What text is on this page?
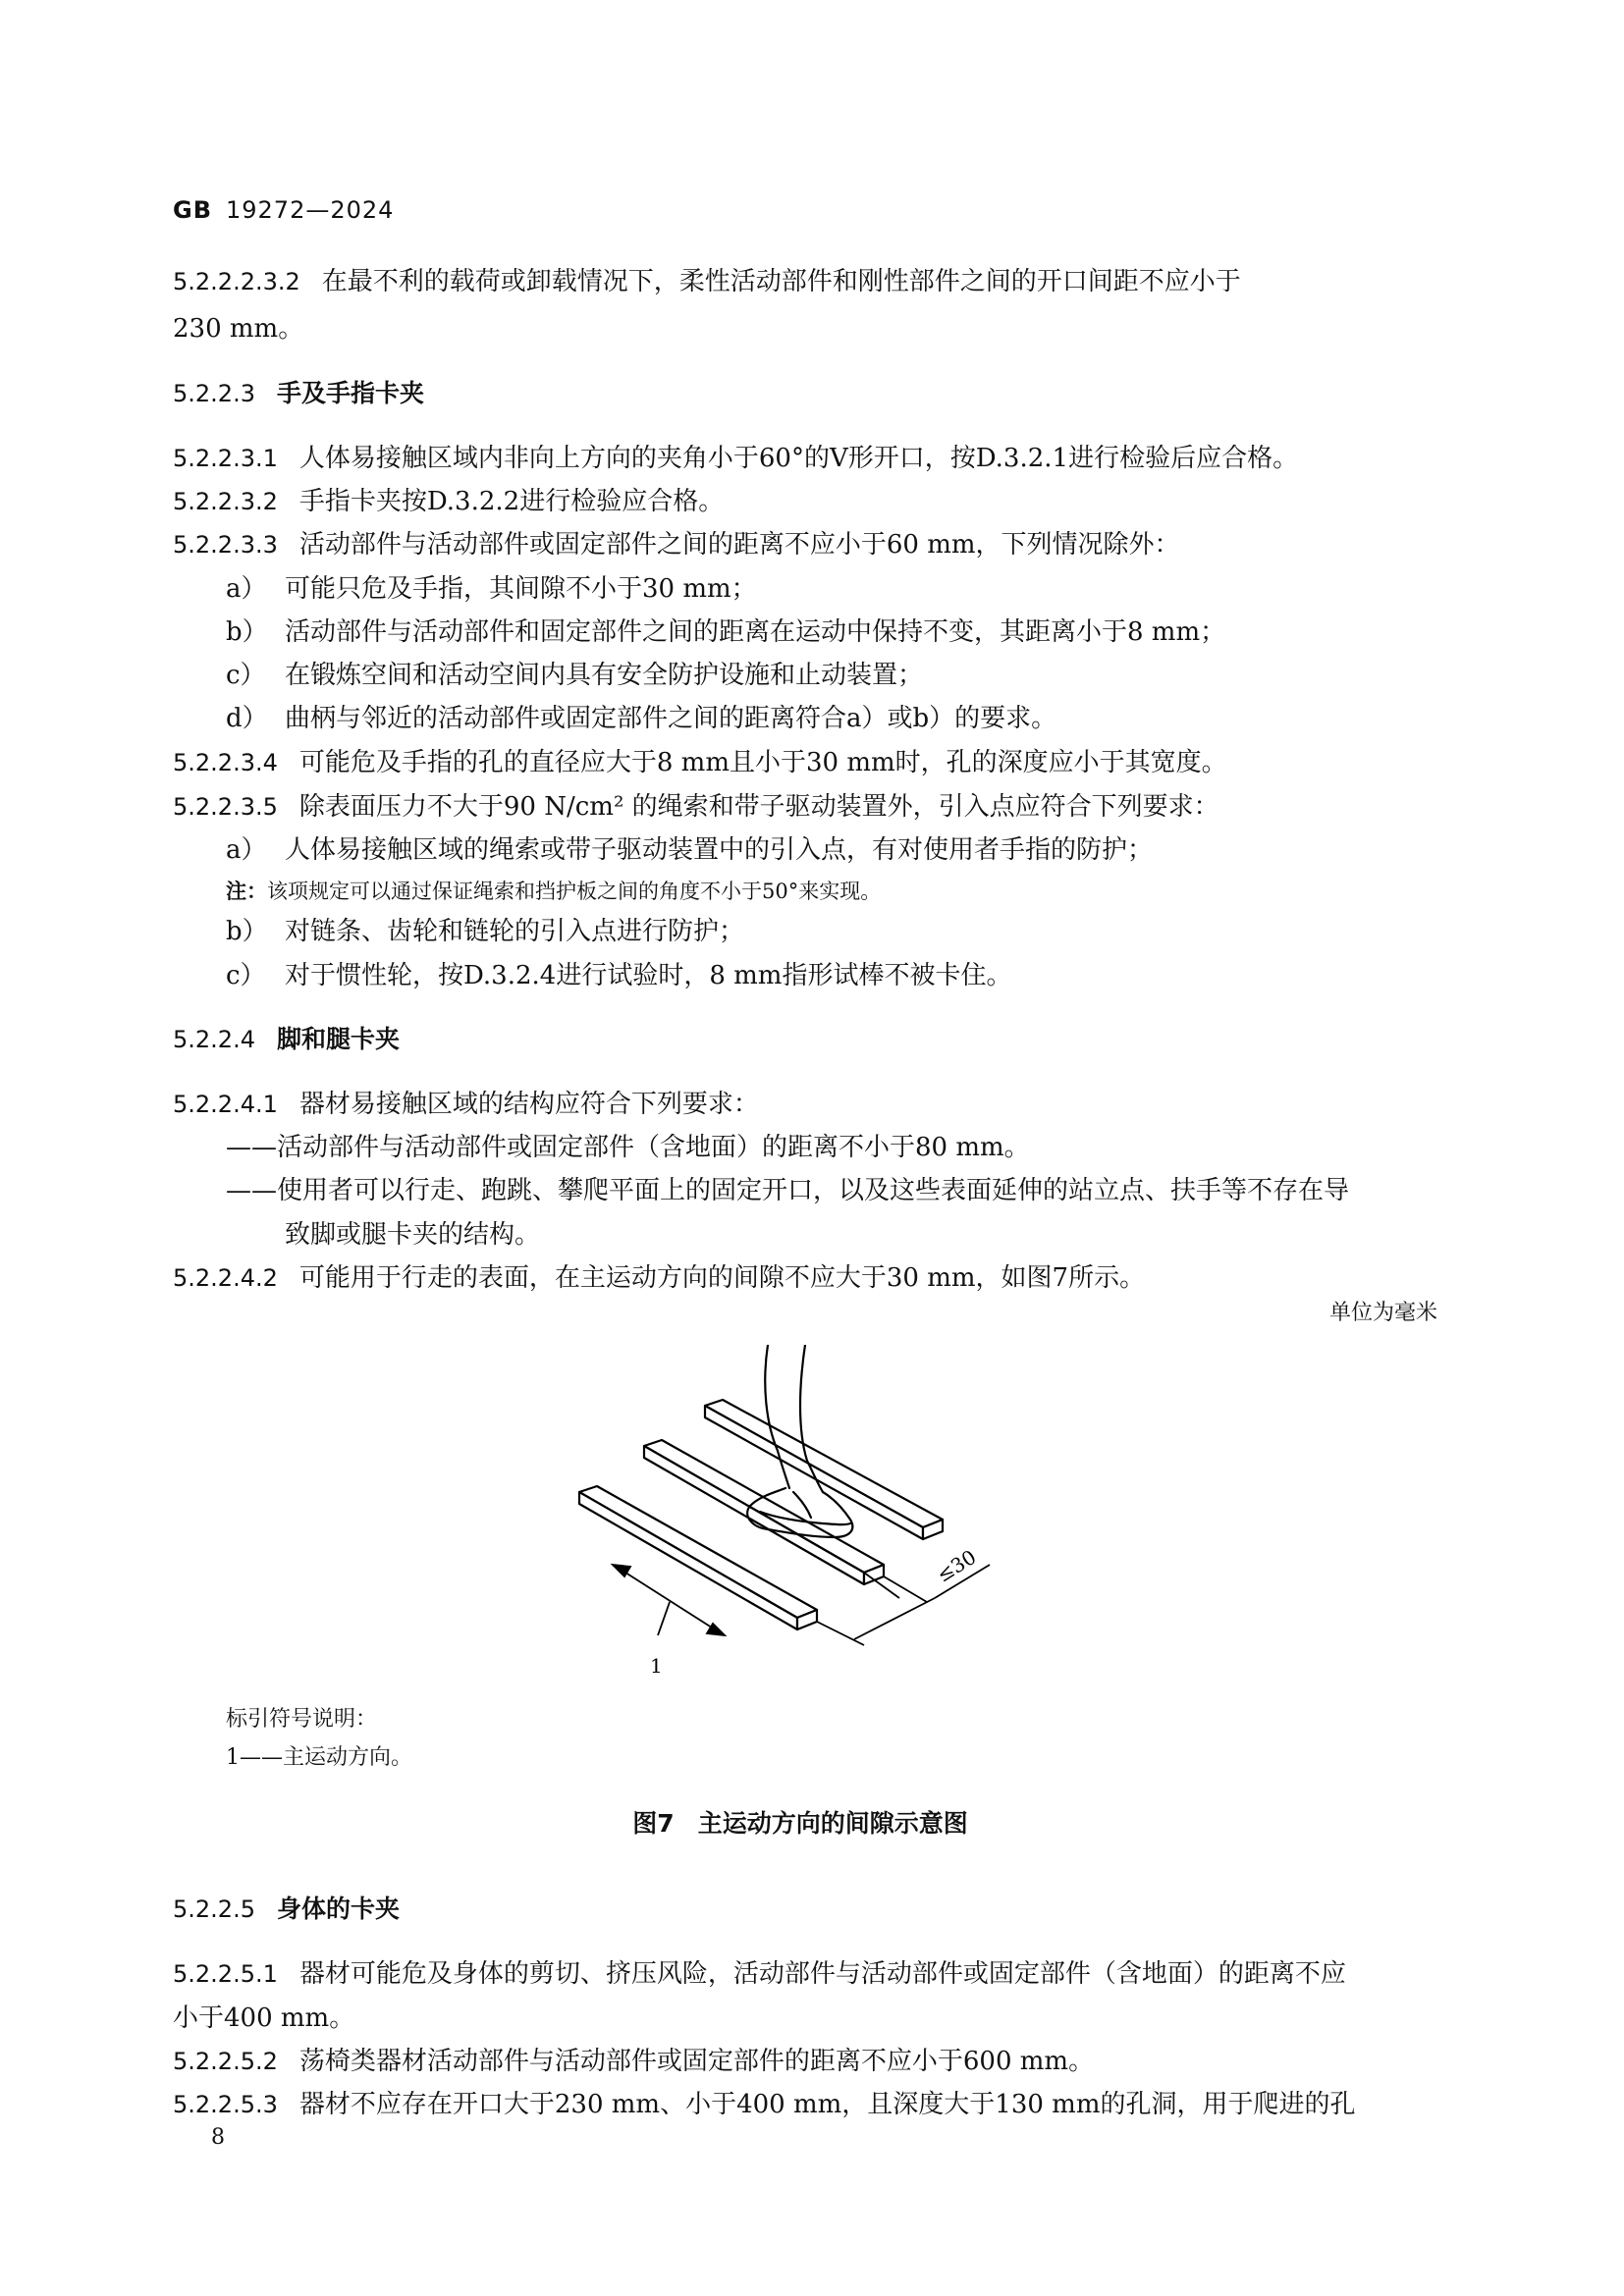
GB 19272—2024
5.2.2.2.3.2 在最不利的载荷或卸载情况下，柔性活动部件和刚性部件之间的开口间距不应小于
230 mm。
5.2.2.3 手及手指卡夹
5.2.2.3.1 人体易接触区域内非向上方向的夹角小于60°的V形开口，按D.3.2.1进行检验后应合格。
5.2.2.3.2 手指卡夹按D.3.2.2进行检验应合格。
5.2.2.3.3 活动部件与活动部件或固定部件之间的距离不应小于60 mm，下列情况除外：
a） 可能只危及手指，其间隙不小于30 mm；
b） 活动部件与活动部件和固定部件之间的距离在运动中保持不变，其距离小于8 mm；
c） 在锻炼空间和活动空间内具有安全防护设施和止动装置；
d） 曲柄与邻近的活动部件或固定部件之间的距离符合a）或b）的要求。
5.2.2.3.4 可能危及手指的孔的直径应大于8 mm且小于30 mm时，孔的深度应小于其宽度。
5.2.2.3.5 除表面压力不大于90 N/cm² 的绳索和带子驱动装置外，引入点应符合下列要求：
a） 人体易接触区域的绳索或带子驱动装置中的引入点，有对使用者手指的防护；
注：该项规定可以通过保证绳索和挡护板之间的角度不小于50°来实现。
b） 对链条、齿轮和链轮的引入点进行防护；
c） 对于惯性轮，按D.3.2.4进行试验时，8 mm指形试棒不被卡住。
5.2.2.4 脚和腿卡夹
5.2.2.4.1 器材易接触区域的结构应符合下列要求：
——活动部件与活动部件或固定部件（含地面）的距离不小于80 mm。
——使用者可以行走、跑跳、攀爬平面上的固定开口，以及这些表面延伸的站立点、扶手等不存在导
致脚或腿卡夹的结构。
5.2.2.4.2 可能用于行走的表面，在主运动方向的间隙不应大于30 mm，如图7所示。
单位为毫米
≤30
1
标引符号说明：
1——主运动方向。
图7 主运动方向的间隙示意图
5.2.2.5 身体的卡夹
5.2.2.5.1 器材可能危及身体的剪切、挤压风险，活动部件与活动部件或固定部件（含地面）的距离不应
小于400 mm。
5.2.2.5.2 荡椅类器材活动部件与活动部件或固定部件的距离不应小于600 mm。
5.2.2.5.3 器材不应存在开口大于230 mm、小于400 mm，且深度大于130 mm的孔洞，用于爬进的孔
8
